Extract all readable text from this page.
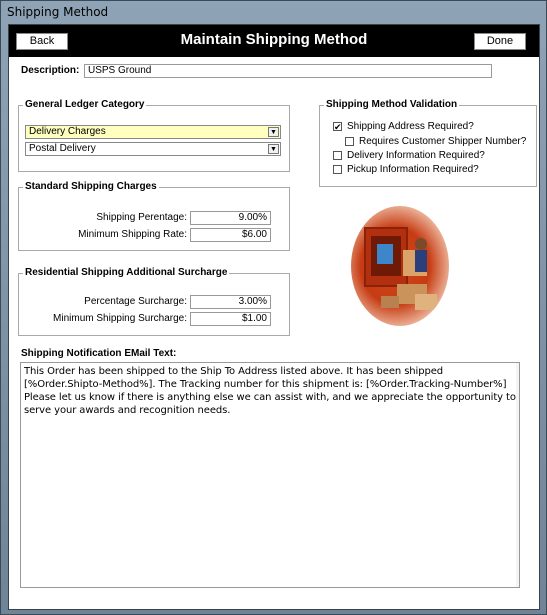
Shipping Method
Back	Maintain Shipping Method	Done
Description: USPS Ground
General Ledger Category
Delivery Charges	▼
Postal Delivery	▼
Shipping Method Validation
✔ Shipping Address Required?
Requires Customer Shipper Number?
Delivery Information Required?
Pickup Information Required?
Standard Shipping Charges
Shipping Perentage:	9.00%
Minimum Shipping Rate:	$6.00
Residential Shipping Additional Surcharge
Percentage Surcharge:	3.00%
Minimum Shipping Surcharge:	$1.00
Shipping Notification EMail Text:
This Order has been shipped to the Ship To Address listed above. It has been shipped [%Order.Shipto-Method%]. The Tracking number for this shipment is: [%Order.Tracking-Number%] Please let us know if there is anything else we can assist with, and we appreciate the opportunity to serve your awards and recognition needs.
